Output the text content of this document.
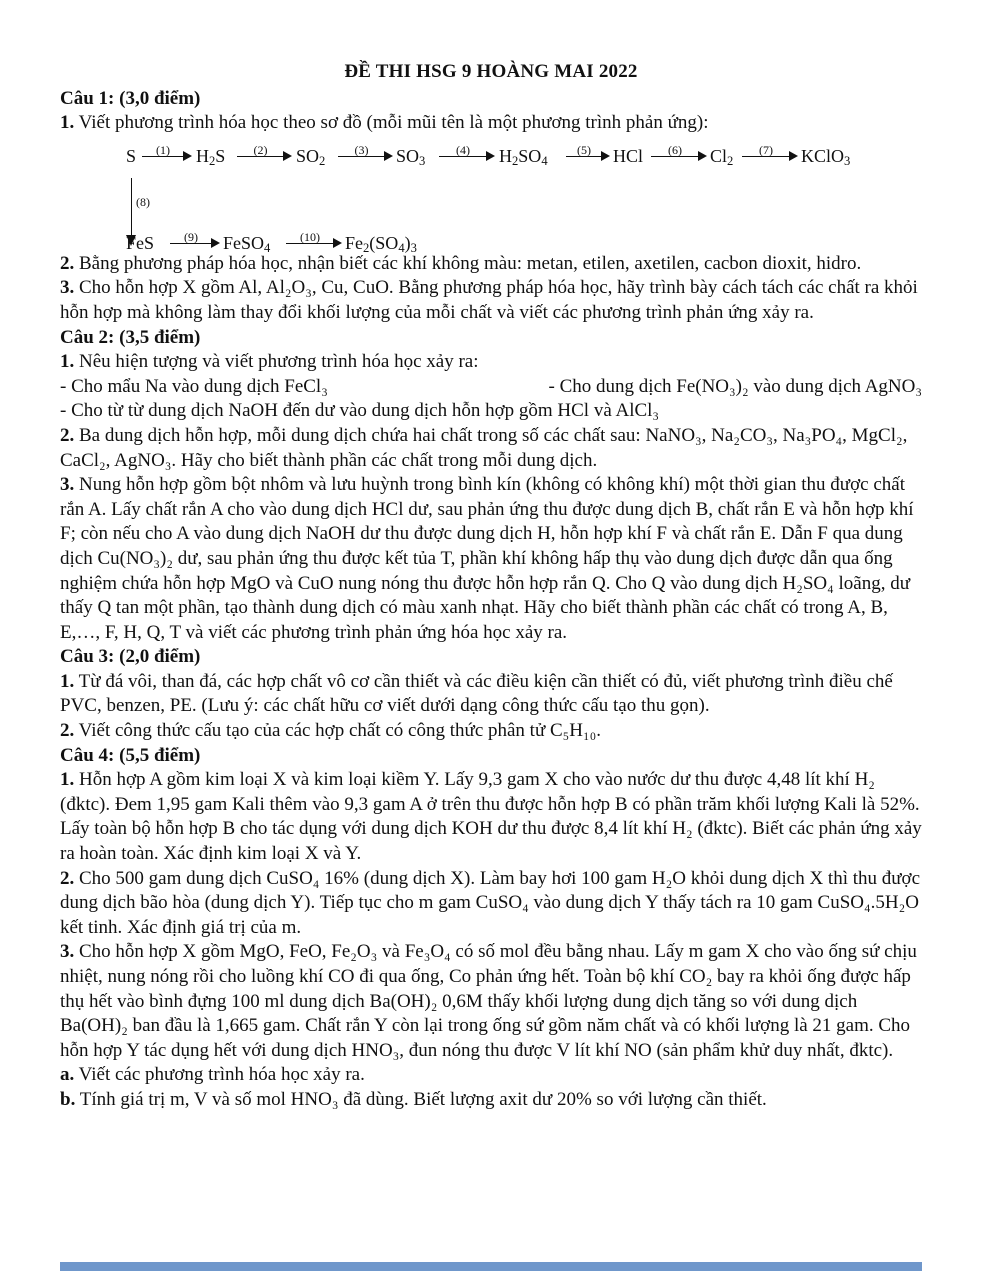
ĐỀ THI HSG 9 HOÀNG MAI 2022
Câu 1: (3,0 điểm)

1. Viết phương trình hóa học theo sơ đồ (mỗi mũi tên là một phương trình phản ứng):

S	(1)	$H_2S$	(2)	$SO_2$
(3)	$SO_3$
(4)	$H_2SO_4$
(5)	HCl	(6)	$Cl_2$
(7)	KClO$_3$
(8)
FeS	(9)	FeSO$_4$
(10)	$Fe_2(SO_4)_3$

2. Bằng phương pháp hóa học, nhận biết các khí không màu: metan, etilen, axetilen, cacbon dioxit, hidro.

3. Cho hỗn hợp X gồm Al, Al₂O₃, Cu, CuO. Bằng phương pháp hóa học, hãy trình bày cách tách các chất ra khỏi hỗn hợp mà không làm thay đổi khối lượng của mỗi chất và viết các phương trình phản ứng xảy ra.

Câu 2: (3,5 điểm)

1. Nêu hiện tượng và viết phương trình hóa học xảy ra:

- Cho mẩu Na vào dung dịch FeCl₃	- Cho dung dịch Fe(NO₃)₂ vào dung dịch AgNO₃

- Cho từ từ dung dịch NaOH đến dư vào dung dịch hỗn hợp gồm HCl và AlCl₃

2. Ba dung dịch hỗn hợp, mỗi dung dịch chứa hai chất trong số các chất sau: NaNO₃, Na₂CO₃, Na₃PO₄, MgCl₂, CaCl₂, AgNO₃. Hãy cho biết thành phần các chất trong mỗi dung dịch.

3. Nung hỗn hợp gồm bột nhôm và lưu huỳnh trong bình kín (không có không khí) một thời gian thu được chất rắn A. Lấy chất rắn A cho vào dung dịch HCl dư, sau phản ứng thu được dung dịch B, chất rắn E và hỗn hợp khí F; còn nếu cho A vào dung dịch NaOH dư thu được dung dịch H, hỗn hợp khí F và chất rắn E. Dẫn F qua dung dịch Cu(NO₃)₂ dư, sau phản ứng thu được kết tủa T, phần khí không hấp thụ vào dung dịch được dẫn qua ống nghiệm chứa hỗn hợp MgO và CuO nung nóng thu được hỗn hợp rắn Q. Cho Q vào dung dịch H₂SO₄ loãng, dư thấy Q tan một phần, tạo thành dung dịch có màu xanh nhạt. Hãy cho biết thành phần các chất có trong A, B, E,…, F, H, Q, T và viết các phương trình phản ứng hóa học xảy ra.

Câu 3: (2,0 điểm)

1. Từ đá vôi, than đá, các hợp chất vô cơ cần thiết và các điều kiện cần thiết có đủ, viết phương trình điều chế PVC, benzen, PE. (Lưu ý: các chất hữu cơ viết dưới dạng công thức cấu tạo thu gọn).

2. Viết công thức cấu tạo của các hợp chất có công thức phân tử C₅H₁₀.

Câu 4: (5,5 điểm)

1. Hỗn hợp A gồm kim loại X và kim loại kiềm Y. Lấy 9,3 gam X cho vào nước dư thu được 4,48 lít khí H₂ (đktc). Đem 1,95 gam Kali thêm vào 9,3 gam A ở trên thu được hỗn hợp B có phần trăm khối lượng Kali là 52%. Lấy toàn bộ hỗn hợp B cho tác dụng với dung dịch KOH dư thu được 8,4 lít khí H₂ (đktc). Biết các phản ứng xảy ra hoàn toàn. Xác định kim loại X và Y.

2. Cho 500 gam dung dịch CuSO₄ 16% (dung dịch X). Làm bay hơi 100 gam H₂O khỏi dung dịch X thì thu được dung dịch bão hòa (dung dịch Y). Tiếp tục cho m gam CuSO₄ vào dung dịch Y thấy tách ra 10 gam CuSO₄.5H₂O kết tinh. Xác định giá trị của m.

3. Cho hỗn hợp X gồm MgO, FeO, Fe₂O₃ và Fe₃O₄ có số mol đều bằng nhau. Lấy m gam X cho vào ống sứ chịu nhiệt, nung nóng rồi cho luồng khí CO đi qua ống, Co phản ứng hết. Toàn bộ khí CO₂ bay ra khỏi ống được hấp thụ hết vào bình đựng 100 ml dung dịch Ba(OH)₂ 0,6M thấy khối lượng dung dịch tăng so với dung dịch Ba(OH)₂ ban đầu là 1,665 gam. Chất rắn Y còn lại trong ống sứ gồm năm chất và có khối lượng là 21 gam. Cho hỗn hợp Y tác dụng hết với dung dịch HNO₃, đun nóng thu được V lít khí NO (sản phẩm khử duy nhất, đktc).

a. Viết các phương trình hóa học xảy ra.

b. Tính giá trị m, V và số mol HNO₃ đã dùng. Biết lượng axit dư 20% so với lượng cần thiết.
